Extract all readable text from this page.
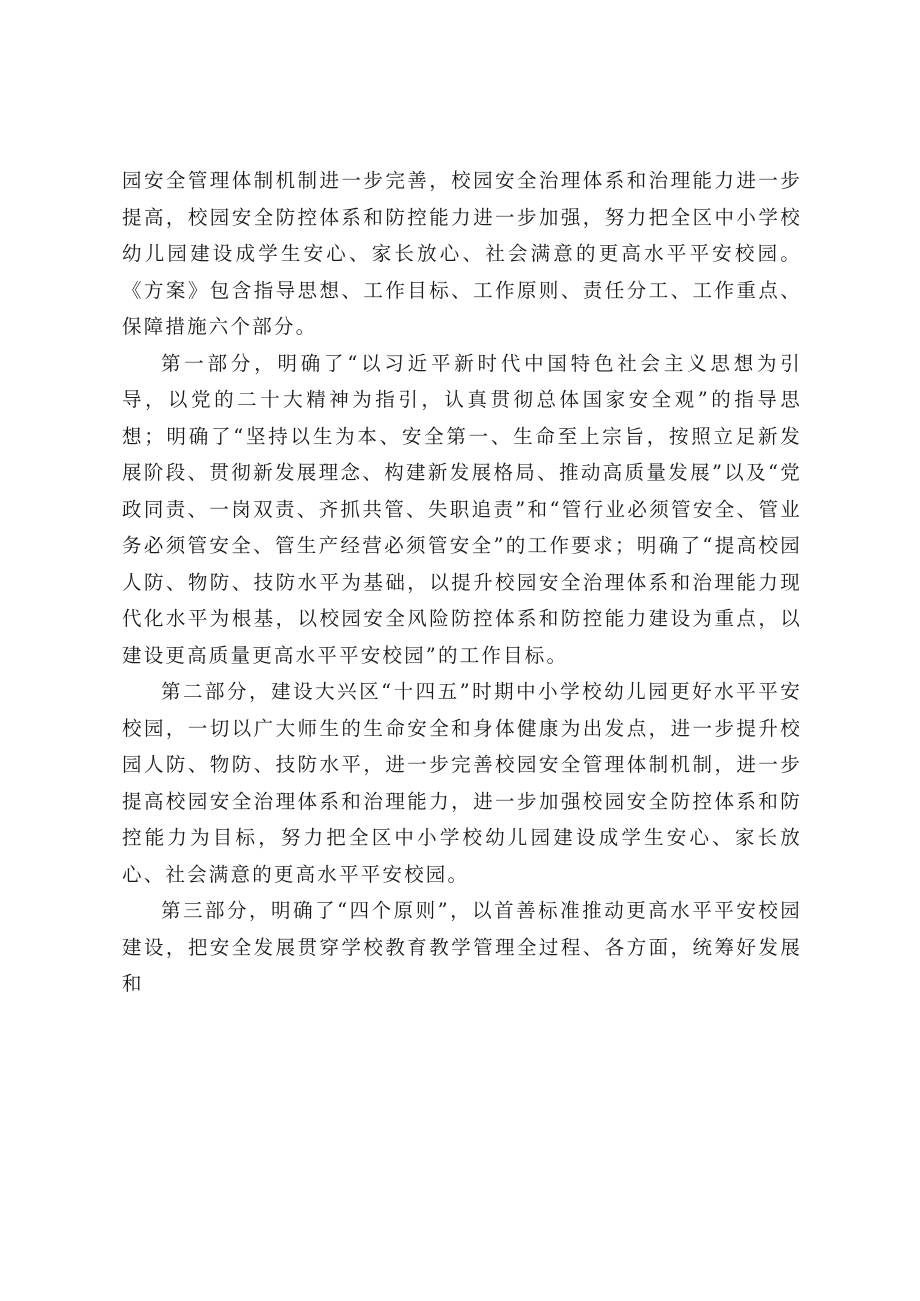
园安全管理体制机制进一步完善，校园安全治理体系和治理能力进一步提高，校园安全防控体系和防控能力进一步加强，努力把全区中小学校幼儿园建设成学生安心、家长放心、社会满意的更高水平平安校园。《方案》包含指导思想、工作目标、工作原则、责任分工、工作重点、保障措施六个部分。

第一部分，明确了“以习近平新时代中国特色社会主义思想为引导，以党的二十大精神为指引，认真贯彻总体国家安全观”的指导思想；明确了“坚持以生为本、安全第一、生命至上宗旨，按照立足新发展阶段、贯彻新发展理念、构建新发展格局、推动高质量发展”以及“党政同责、一岗双责、齐抓共管、失职追责”和“管行业必须管安全、管业务必须管安全、管生产经营必须管安全”的工作要求；明确了“提高校园人防、物防、技防水平为基础，以提升校园安全治理体系和治理能力现代化水平为根基，以校园安全风险防控体系和防控能力建设为重点，以建设更高质量更高水平平安校园”的工作目标。

第二部分，建设大兴区“十四五”时期中小学校幼儿园更好水平平安校园，一切以广大师生的生命安全和身体健康为出发点，进一步提升校园人防、物防、技防水平，进一步完善校园安全管理体制机制，进一步提高校园安全治理体系和治理能力，进一步加强校园安全防控体系和防控能力为目标，努力把全区中小学校幼儿园建设成学生安心、家长放心、社会满意的更高水平平安校园。

第三部分，明确了“四个原则”，以首善标准推动更高水平平安校园建设，把安全发展贯穿学校教育教学管理全过程、各方面，统筹好发展和
